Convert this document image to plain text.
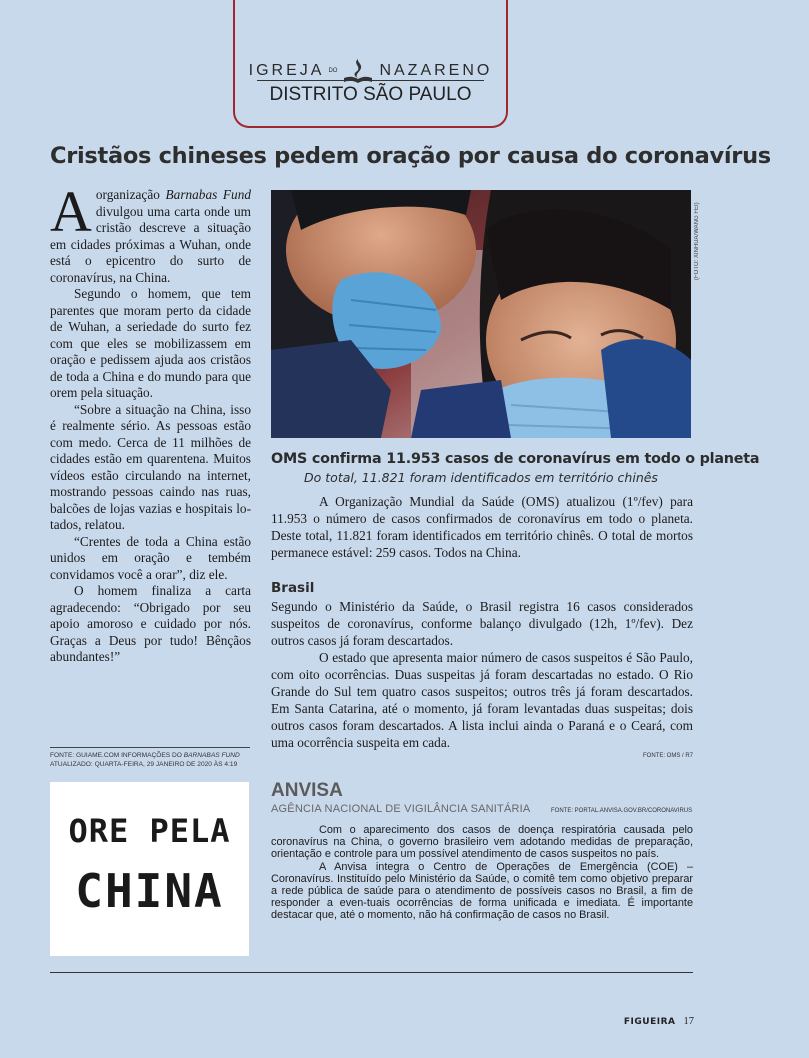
IGREJA DO	NAZARENO
DISTRITO SÃO PAULO
Cristãos chineses pedem oração por causa do coronavírus

Aorganização Barnabas Fund divulgou uma carta onde um cristão descreve a situação em cidades próximas a Wuhan, onde está o epicentro do surto de coronavírus, na China.

Segundo o homem, que tem parentes que moram perto da cidade de Wuhan, a seriedade do surto fez com que eles se mobilizassem em oração e pedissem ajuda aos cristãos de toda a China e do mundo para que orem pela situação.

“Sobre a situação na China, isso é realmente sério. As pessoas estão com medo. Cerca de 11 milhões de cidades estão em quarentena. Muitos vídeos estão circulando na internet, mostrando pessoas caindo nas ruas, balcões de lojas vazias e hospitais lo-tados, relatou.

“Crentes de toda a China estão unidos em oração e tembém convidamos você a orar”, diz ele.

O homem finaliza a carta agradecendo: “Obrigado por seu apoio amoroso e cuidado por nós. Graças a Deus por tudo! Bênçãos abundantes!”

FONTE: GUIAME.COM INFORMAÇÕES DO BARNABAS FUND
ATUALIZADO: QUARTA-FEIRA, 29 JANEIRO DE 2020 ÀS 4:19
ORE PELA
CHINA
(FOTO: XINHUA/WANG FEI)
OMS confirma 11.953 casos de coronavírus em todo o planeta
Do total, 11.821 foram identificados em território chinês

A Organização Mundial da Saúde (OMS) atualizou (1º/fev) para 11.953 o número de casos confirmados de coronavírus em todo o planeta. Deste total, 11.821 foram identificados em território chinês. O total de mortos permanece estável: 259 casos. Todos na China.

Brasil

Segundo o Ministério da Saúde, o Brasil registra 16 casos considerados suspeitos de coronavírus, conforme balanço divulgado (12h, 1º/fev). Dez outros casos já foram descartados.

O estado que apresenta maior número de casos suspeitos é São Paulo, com oito ocorrências. Duas suspeitas já foram descartadas no estado. O Rio Grande do Sul tem quatro casos suspeitos; outros três já foram descartados. Em Santa Catarina, até o momento, já foram levantadas duas suspeitas; dois outros casos foram descartados. A lista inclui ainda o Paraná e o Ceará, com uma ocorrência suspeita em cada.

FONTE: OMS / R7
ANVISA
AGÊNCIA NACIONAL DE VIGILÂNCIA SANITÁRIA	FONTE: PORTAL.ANVISA.GOV.BR/CORONAVIRUS

Com o aparecimento dos casos de doença respiratória causada pelo coronavírus na China, o governo brasileiro vem adotando medidas de preparação, orientação e controle para um possível atendimento de casos suspeitos no país.

A Anvisa integra o Centro de Operações de Emergência (COE) – Coronavírus. Instituído pelo Ministério da Saúde, o comitê tem como objetivo preparar a rede pública de saúde para o atendimento de possíveis casos no Brasil, a fim de responder a even-tuais ocorrências de forma unificada e imediata. É importante destacar que, até o momento, não há confirmação de casos no Brasil.

FIGUEIRA 17
